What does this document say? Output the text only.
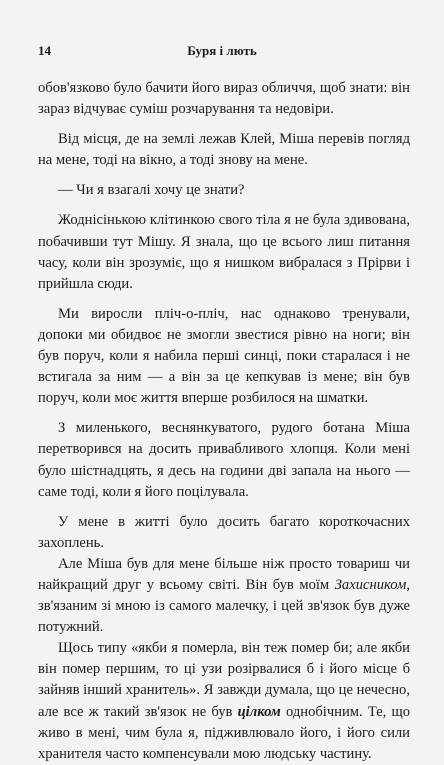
14	Буря і лють

обов'язково було бачити його вираз обличчя, щоб знати: він зараз відчуває суміш розчарування та недовіри.

Від місця, де на землі лежав Клей, Міша перевів погляд на мене, тоді на вікно, а тоді знову на мене.

— Чи я взагалі хочу це знати?

Жоднісінькою клітинкою свого тіла я не була здивована, побачивши тут Мішу. Я знала, що це всього лиш питання часу, коли він зрозуміє, що я нишком вибралася з Прірви і прийшла сюди.

Ми виросли пліч-о-пліч, нас однаково тренували, допоки ми обидвоє не змогли звестися рівно на ноги; він був поруч, коли я набила перші синці, поки старалася і не встигала за ним — а він за це кепкував із мене; він був поруч, коли моє життя вперше розбилося на шматки.

З миленького, веснянкуватого, рудого ботана Міша перетворився на досить привабливого хлопця. Коли мені було шістнадцять, я десь на години дві запала на нього — саме тоді, коли я його поцілувала.

У мене в житті було досить багато короткочасних захоплень.

Але Міша був для мене більше ніж просто товариш чи найкращий друг у всьому світі. Він був моїм Захисником, зв'язаним зі мною із самого малечку, і цей зв'язок був дуже потужний.

Щось типу «якби я померла, він теж помер би; але якби він помер першим, то ці узи розірвалися б і його місце б зайняв інший хранитель». Я завжди думала, що це нечесно, але все ж такий зв'язок не був цілком однобічним. Те, що живо в мені, чим була я, підживлювало його, і його сили хранителя часто компенсували мою людську частину.
